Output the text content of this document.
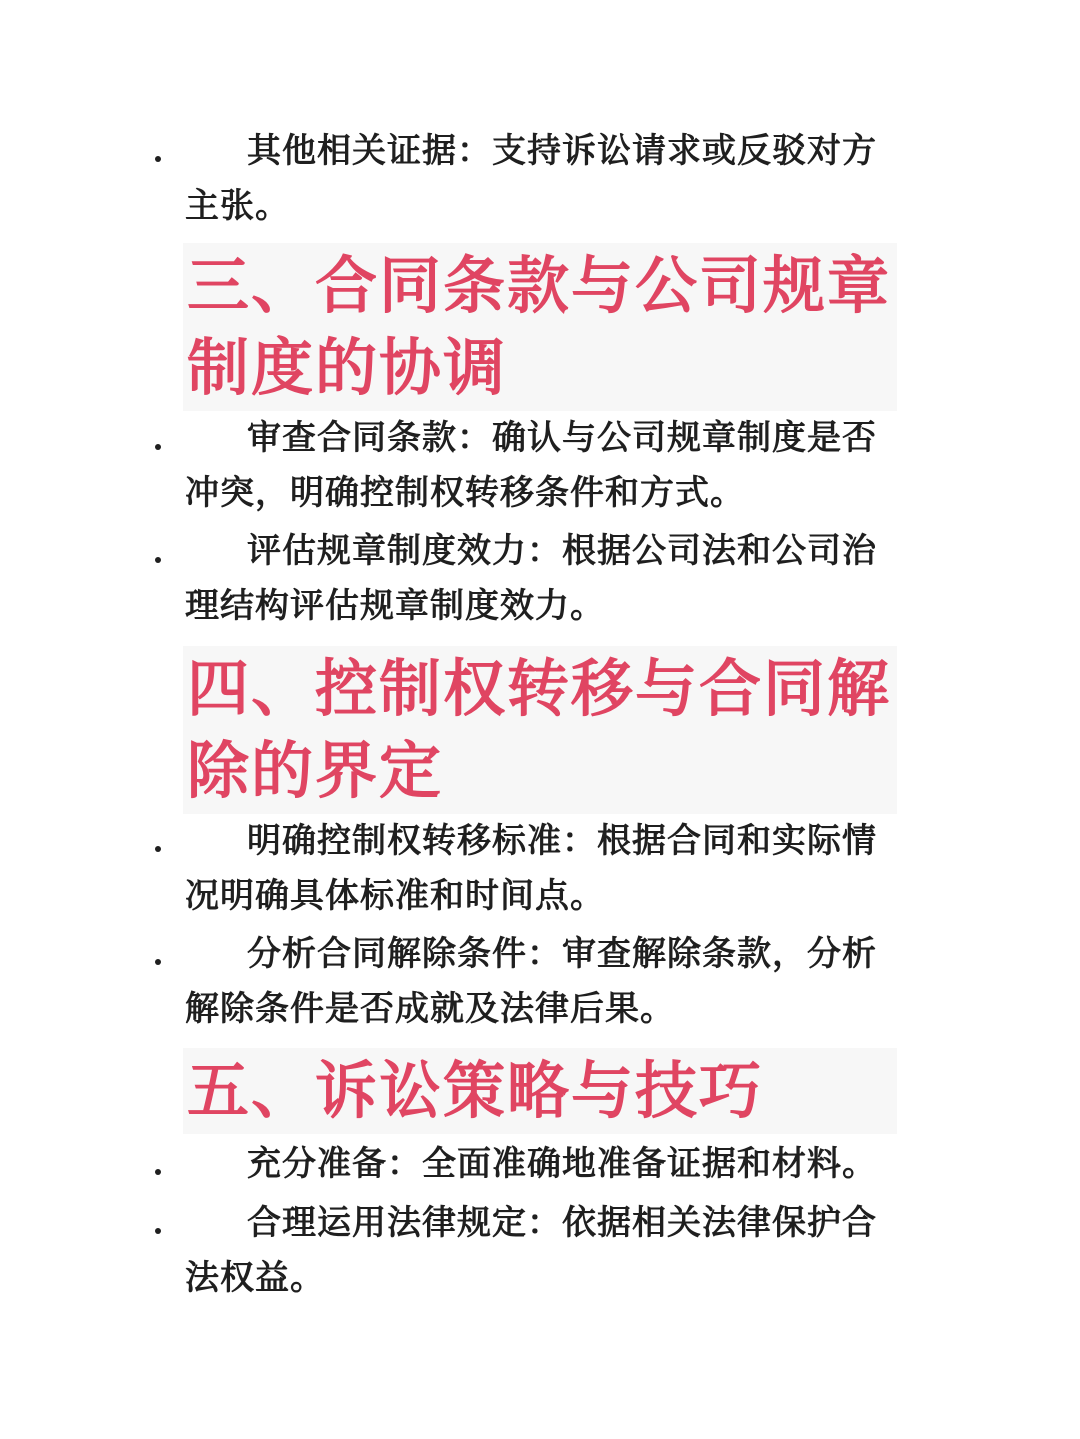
其他相关证据：支持诉讼请求或反驳对方主张。

三、合同条款与公司规章制度的协调

审查合同条款：确认与公司规章制度是否冲突，明确控制权转移条件和方式。

评估规章制度效力：根据公司法和公司治理结构评估规章制度效力。

四、控制权转移与合同解除的界定

明确控制权转移标准：根据合同和实际情况明确具体标准和时间点。

分析合同解除条件：审查解除条款，分析解除条件是否成就及法律后果。

五、诉讼策略与技巧

充分准备：全面准确地准备证据和材料。

合理运用法律规定：依据相关法律保护合法权益。
